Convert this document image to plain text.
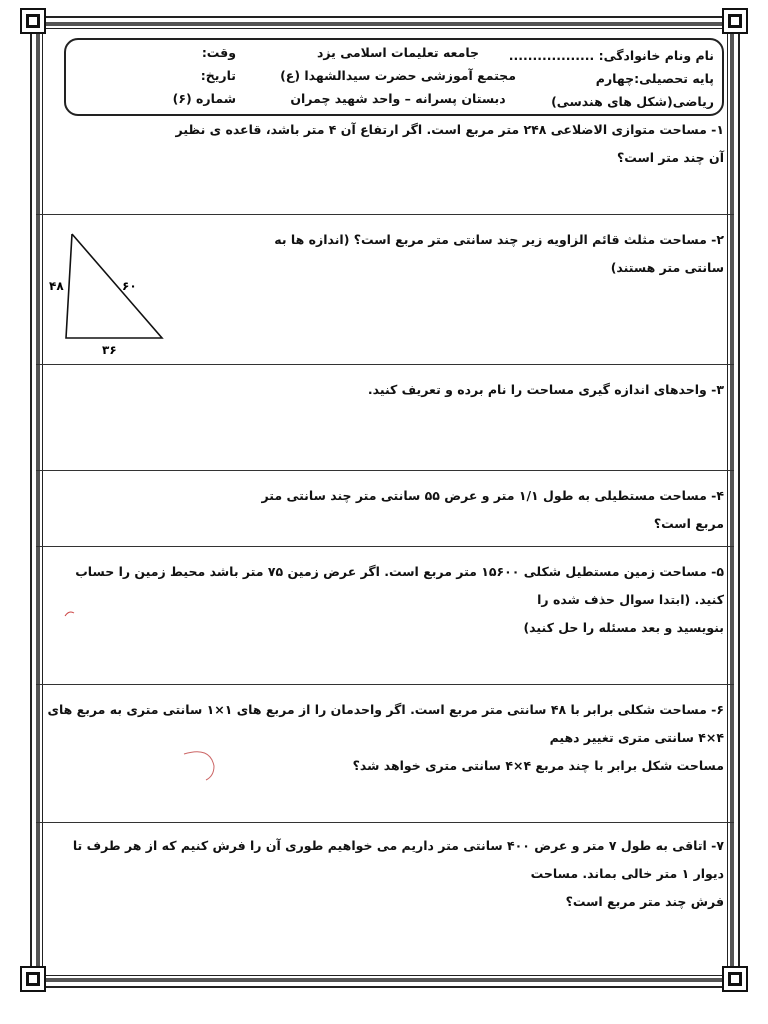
نام ونام خانوادگی: ..................
پایه تحصیلی:چهارم
ریاضی(شکل های هندسی)
جامعه تعلیمات اسلامی یزد
مجتمع آموزشی حضرت سیدالشهدا (ع)
دبستان پسرانه – واحد شهید چمران
وقت:
تاریخ:
شماره (۶)
۱- مساحت متوازی الاضلاعی ۲۴۸ متر مربع است. اگر ارتفاع آن ۴ متر باشد، قاعده ی نظیر آن چند متر است؟
۲- مساحت مثلث قائم الزاویه زیر چند سانتی متر مربع است؟ (اندازه ها به سانتی متر هستند)
۴۸	۶۰
۳۶
۳- واحدهای اندازه گیری مساحت را نام برده و تعریف کنید.
۴- مساحت مستطیلی به طول ۱/۱ متر و عرض ۵۵ سانتی متر چند سانتی متر مربع است؟
۵- مساحت زمین مستطیل شکلی ۱۵۶۰۰ متر مربع است. اگر عرض زمین ۷۵ متر باشد محیط زمین را حساب کنید. (ابتدا سوال حذف شده را
بنویسید و بعد مسئله را حل کنید)
۶- مساحت شکلی برابر با ۴۸ سانتی متر مربع است. اگر واحدمان را از مربع های ۱×۱ سانتی متری به مربع های ۴×۴ سانتی متری تغییر دهیم
مساحت شکل برابر با چند مربع ۴×۴ سانتی متری خواهد شد؟
۷- اتاقی به طول ۷ متر و عرض ۴۰۰ سانتی متر داریم می خواهیم طوری آن را فرش کنیم که از هر طرف تا دیوار ۱ متر خالی بماند. مساحت
فرش چند متر مربع است؟
